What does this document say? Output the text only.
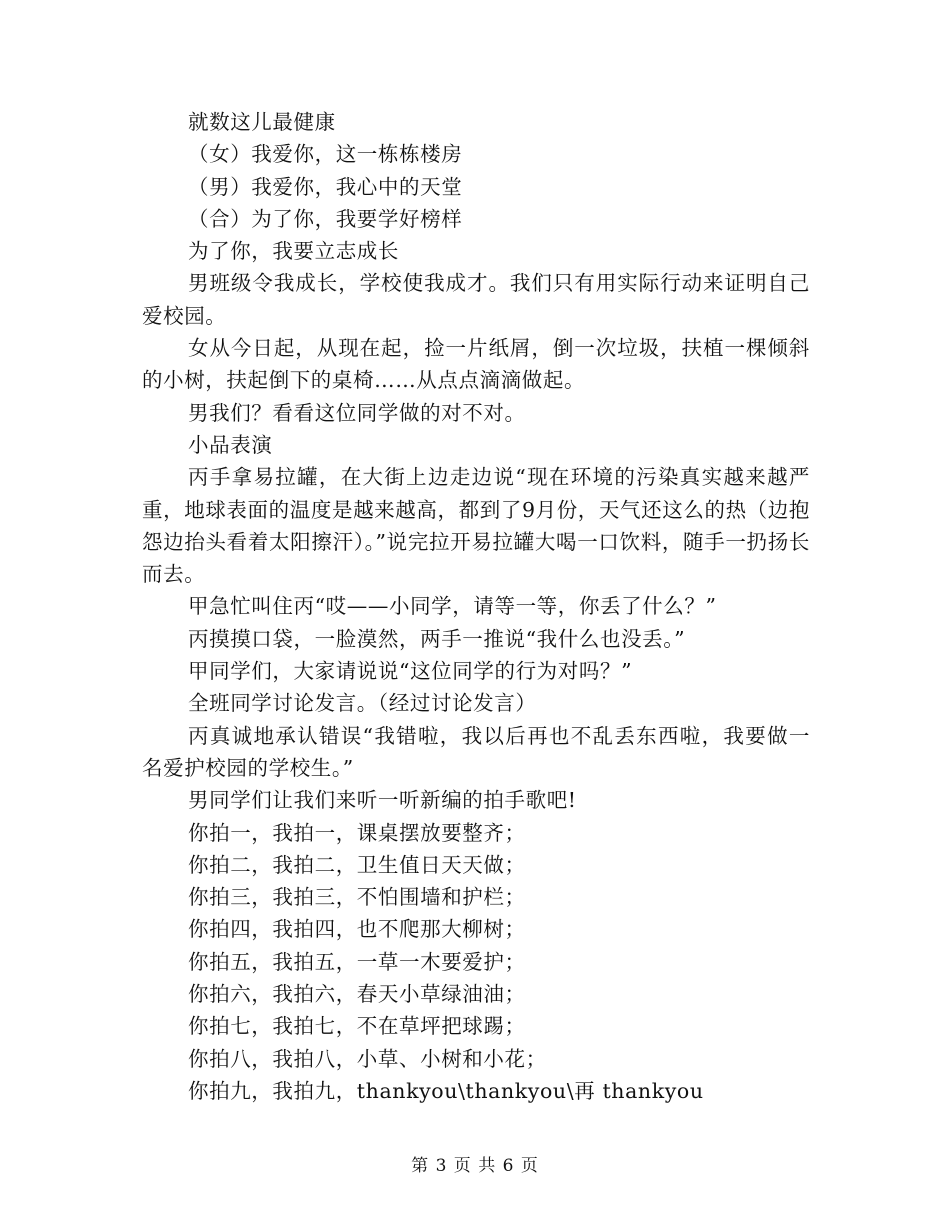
就数这儿最健康

（女）我爱你，这一栋栋楼房

（男）我爱你，我心中的天堂

（合）为了你，我要学好榜样

为了你，我要立志成长

男班级令我成长，学校使我成才。我们只有用实际行动来证明自己爱校园。

女从今日起，从现在起，捡一片纸屑，倒一次垃圾，扶植一棵倾斜的小树，扶起倒下的桌椅……从点点滴滴做起。

男我们？看看这位同学做的对不对。

小品表演

丙手拿易拉罐，在大街上边走边说“现在环境的污染真实越来越严重，地球表面的温度是越来越高，都到了9月份，天气还这么的热（边抱怨边抬头看着太阳擦汗）。”说完拉开易拉罐大喝一口饮料，随手一扔扬长而去。

甲急忙叫住丙“哎——小同学，请等一等，你丢了什么？”

丙摸摸口袋，一脸漠然，两手一推说“我什么也没丢。”

甲同学们，大家请说说“这位同学的行为对吗？”

全班同学讨论发言。（经过讨论发言）

丙真诚地承认错误“我错啦，我以后再也不乱丢东西啦，我要做一名爱护校园的学校生。”

男同学们让我们来听一听新编的拍手歌吧!

你拍一，我拍一，课桌摆放要整齐；

你拍二，我拍二，卫生值日天天做；

你拍三，我拍三，不怕围墙和护栏；

你拍四，我拍四，也不爬那大柳树；

你拍五，我拍五，一草一木要爱护；

你拍六，我拍六，春天小草绿油油；

你拍七，我拍七，不在草坪把球踢；

你拍八，我拍八，小草、小树和小花；

你拍九，我拍九，thankyou\thankyou\再 thankyou

第 3 页 共 6 页
